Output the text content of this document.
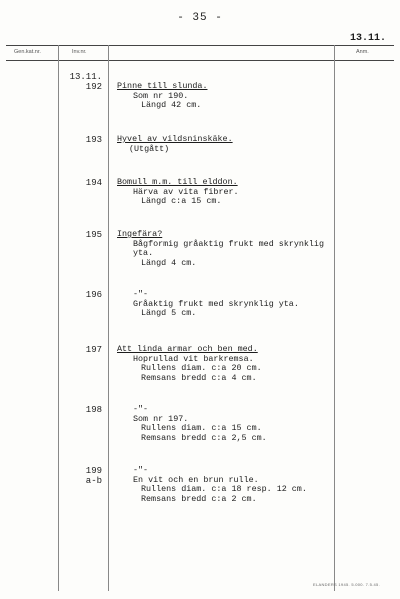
- 35 -
13.11.
Gen.kat.nr.	Inv.nr.	Anm.
13.11.
192 Pinne till slunda.
Som nr 190.
Längd 42 cm.
193 Hyvel av vildsninskäke.
(Utgått)
194 Bomull m.m. till elddon.
Härva av vita fibrer.
Längd c:a 15 cm.
195 Ingefära?
Bågformig gråaktig frukt med skrynklig
yta.
Längd 4 cm.
196	-"-
Gråaktig frukt med skrynklig yta.
Längd 5 cm.
197 Att linda armar och ben med.
Hoprullad vit barkremsa.
Rullens diam. c:a 20 cm.
Remsans bredd c:a 4 cm.
198	-"-
Som nr 197.
Rullens diam. c:a 15 cm.
Remsans bredd c:a 2,5 cm.
199
a-b
-"-
En vit och en brun rulle.
Rullens diam. c:a 18 resp. 12 cm.
Remsans bredd c:a 2 cm.
ELANDERS 1945. 5.000. 7.5.45.
